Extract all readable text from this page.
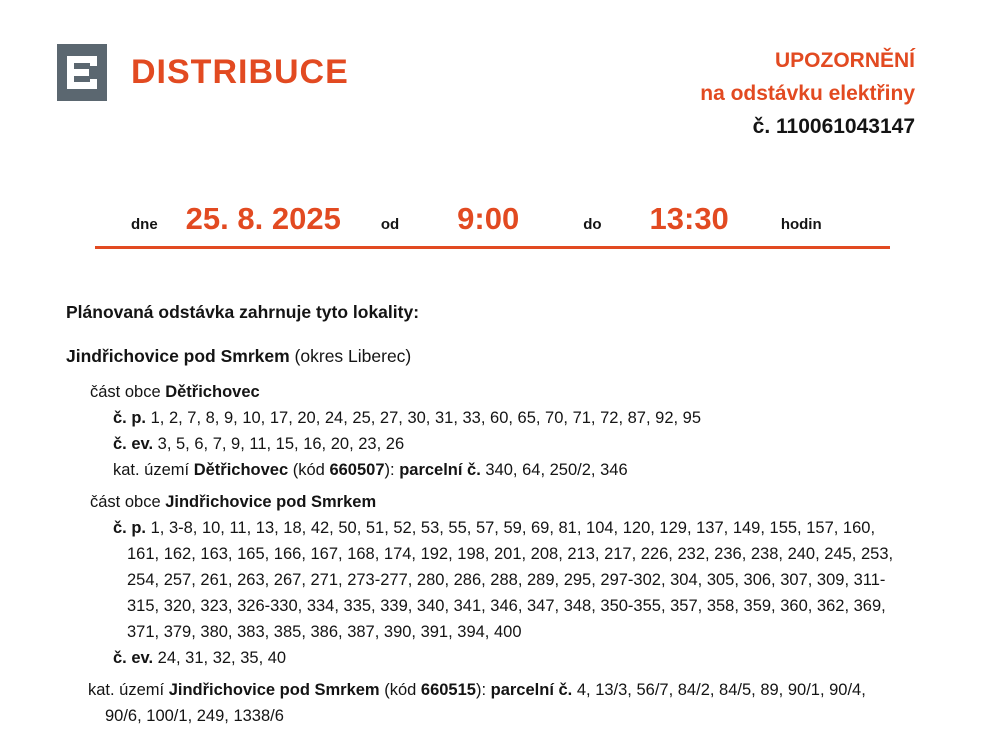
DISTRIBUCE	UPOZORNĚNÍ
na odstávku elektřiny
č. 110061043147
dne 25. 8. 2025	od 9:00	do 13:30	hodin

Plánovaná odstávka zahrnuje tyto lokality:

Jindřichovice pod Smrkem (okres Liberec)

část obce Dětřichovec

č. p. 1, 2, 7, 8, 9, 10, 17, 20, 24, 25, 27, 30, 31, 33, 60, 65, 70, 71, 72, 87, 92, 95

č. ev. 3, 5, 6, 7, 9, 11, 15, 16, 20, 23, 26

kat. území Dětřichovec (kód 660507): parcelní č. 340, 64, 250/2, 346

část obce Jindřichovice pod Smrkem

č. p. 1, 3-8, 10, 11, 13, 18, 42, 50, 51, 52, 53, 55, 57, 59, 69, 81, 104, 120, 129, 137, 149, 155, 157, 160, 161, 162, 163, 165, 166, 167, 168, 174, 192, 198, 201, 208, 213, 217, 226, 232, 236, 238, 240, 245, 253, 254, 257, 261, 263, 267, 271, 273-277, 280, 286, 288, 289, 295, 297-302, 304, 305, 306, 307, 309, 311-315, 320, 323, 326-330, 334, 335, 339, 340, 341, 346, 347, 348, 350-355, 357, 358, 359, 360, 362, 369, 371, 379, 380, 383, 385, 386, 387, 390, 391, 394, 400

č. ev. 24, 31, 32, 35, 40

kat. území Jindřichovice pod Smrkem (kód 660515): parcelní č. 4, 13/3, 56/7, 84/2, 84/5, 89, 90/1, 90/4, 90/6, 100/1, 249, 1338/6
